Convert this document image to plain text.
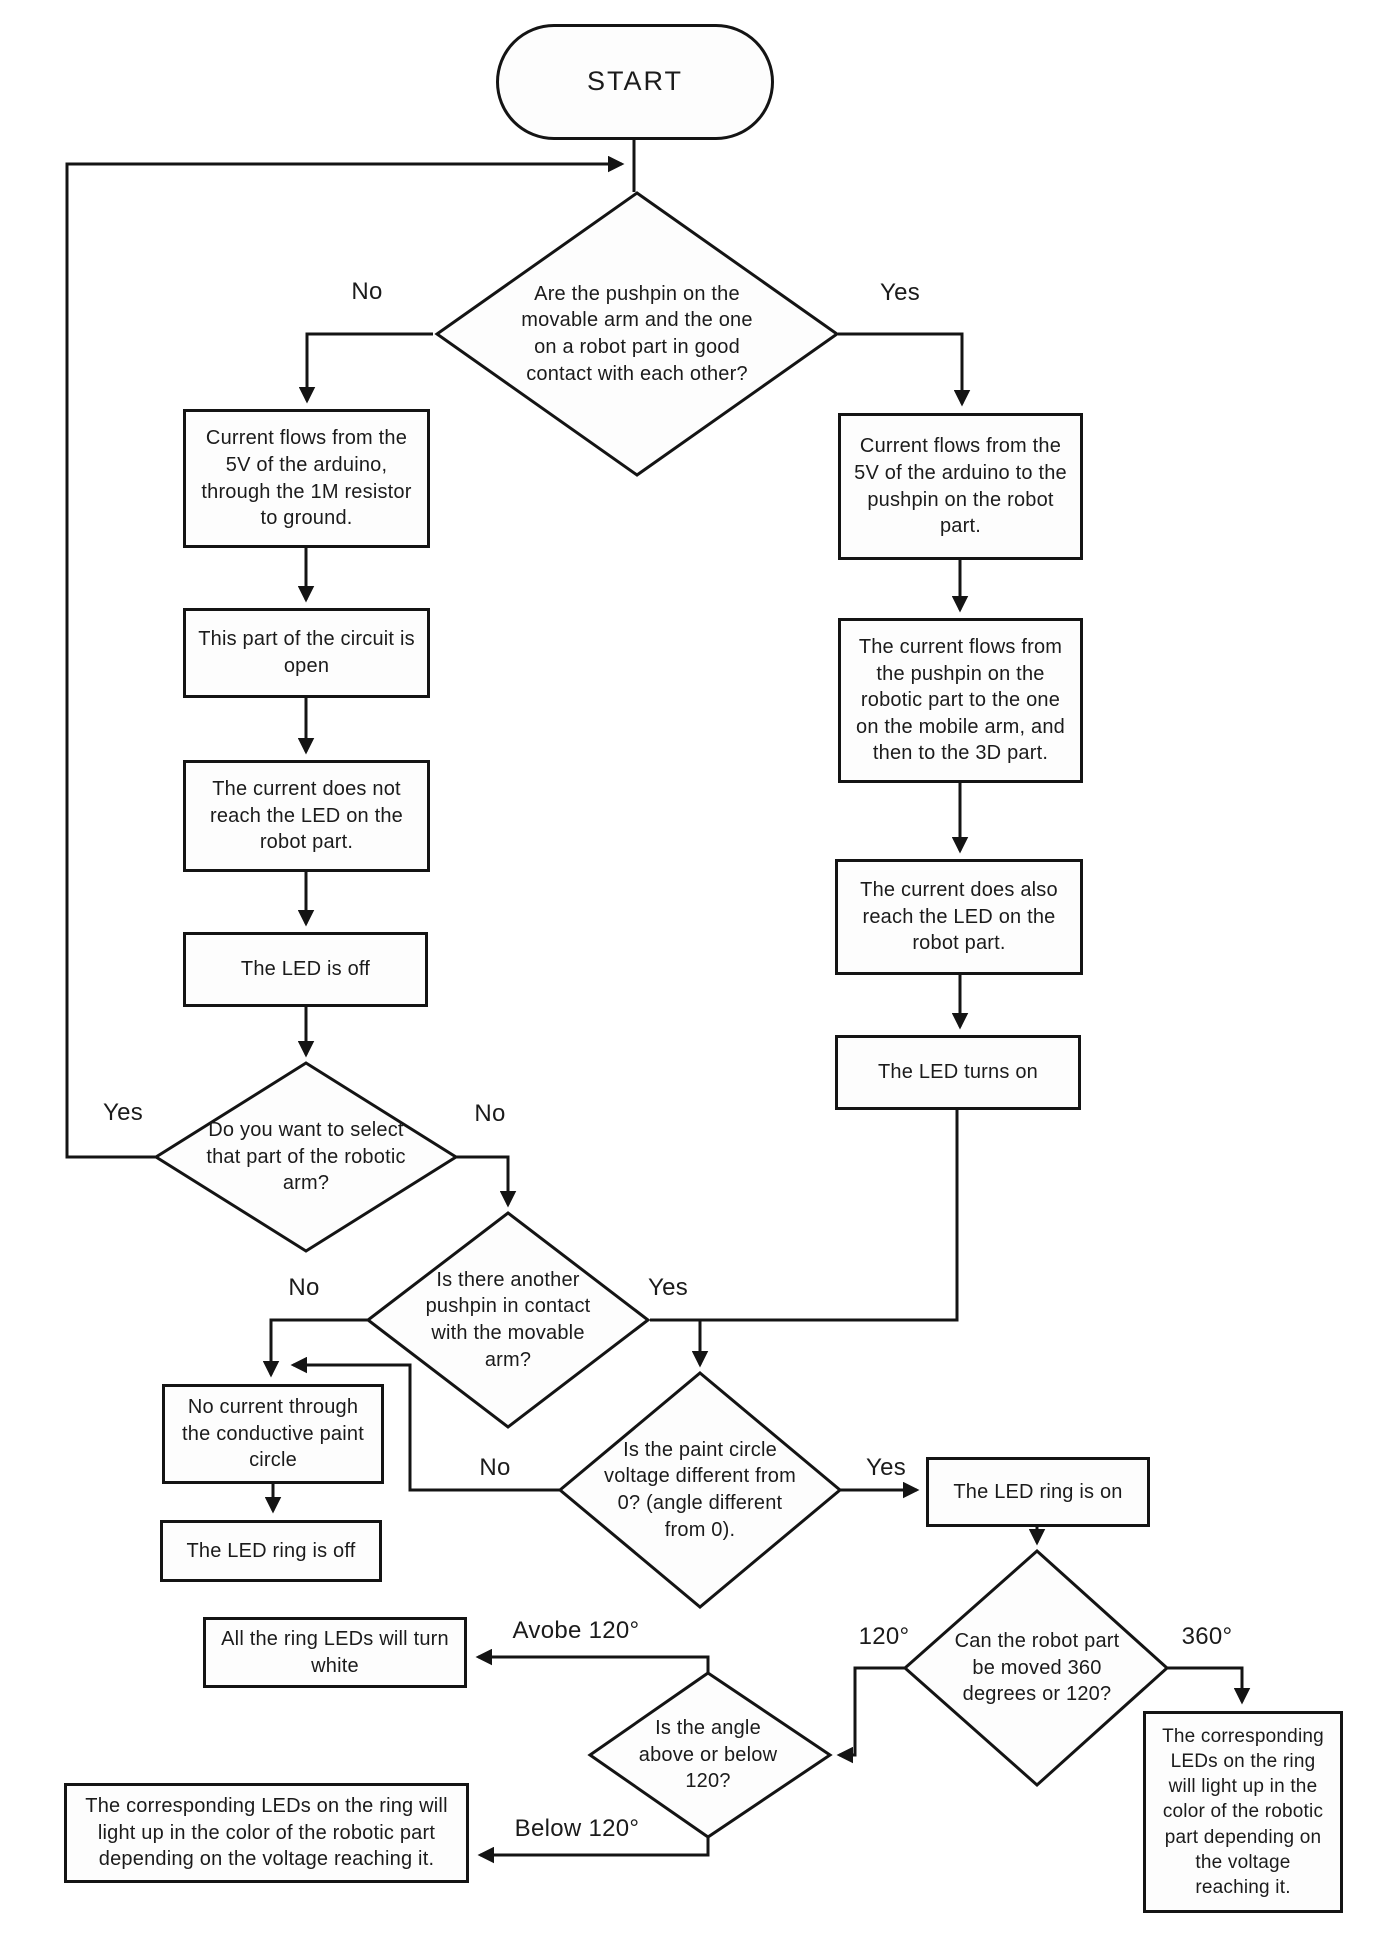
START
Are the pushpin on the movable arm and the one on a robot part in good contact with each other?
Do you want to select that part of the robotic arm?
Is there another pushpin in contact with the movable arm?
Is the paint circle voltage different from 0? (angle different from 0).
Can the robot part be moved 360 degrees or 120?
Is the angle above or below 120?
Current flows from the 5V of the arduino, through the 1M resistor to ground.
This part of the circuit is open
The current does not reach the LED on the robot part.
The LED is off
Current flows from the 5V of the arduino to the pushpin on the robot part.
The current flows from the pushpin on the robotic part to the one on the mobile arm, and then to the 3D part.
The current does also reach the LED on the robot part.
The LED turns on
No current through the conductive paint circle
The LED ring is off
The LED ring is on
The corresponding LEDs on the ring will light up in the color of the robotic part depending on the voltage reaching it.
All the ring LEDs will turn white
The corresponding LEDs on the ring will light up in the color of the robotic part depending on the voltage reaching it.
No	Yes
Yes	No
No	Yes
No	Yes
120°	360°
Avobe 120°
Below 120°
